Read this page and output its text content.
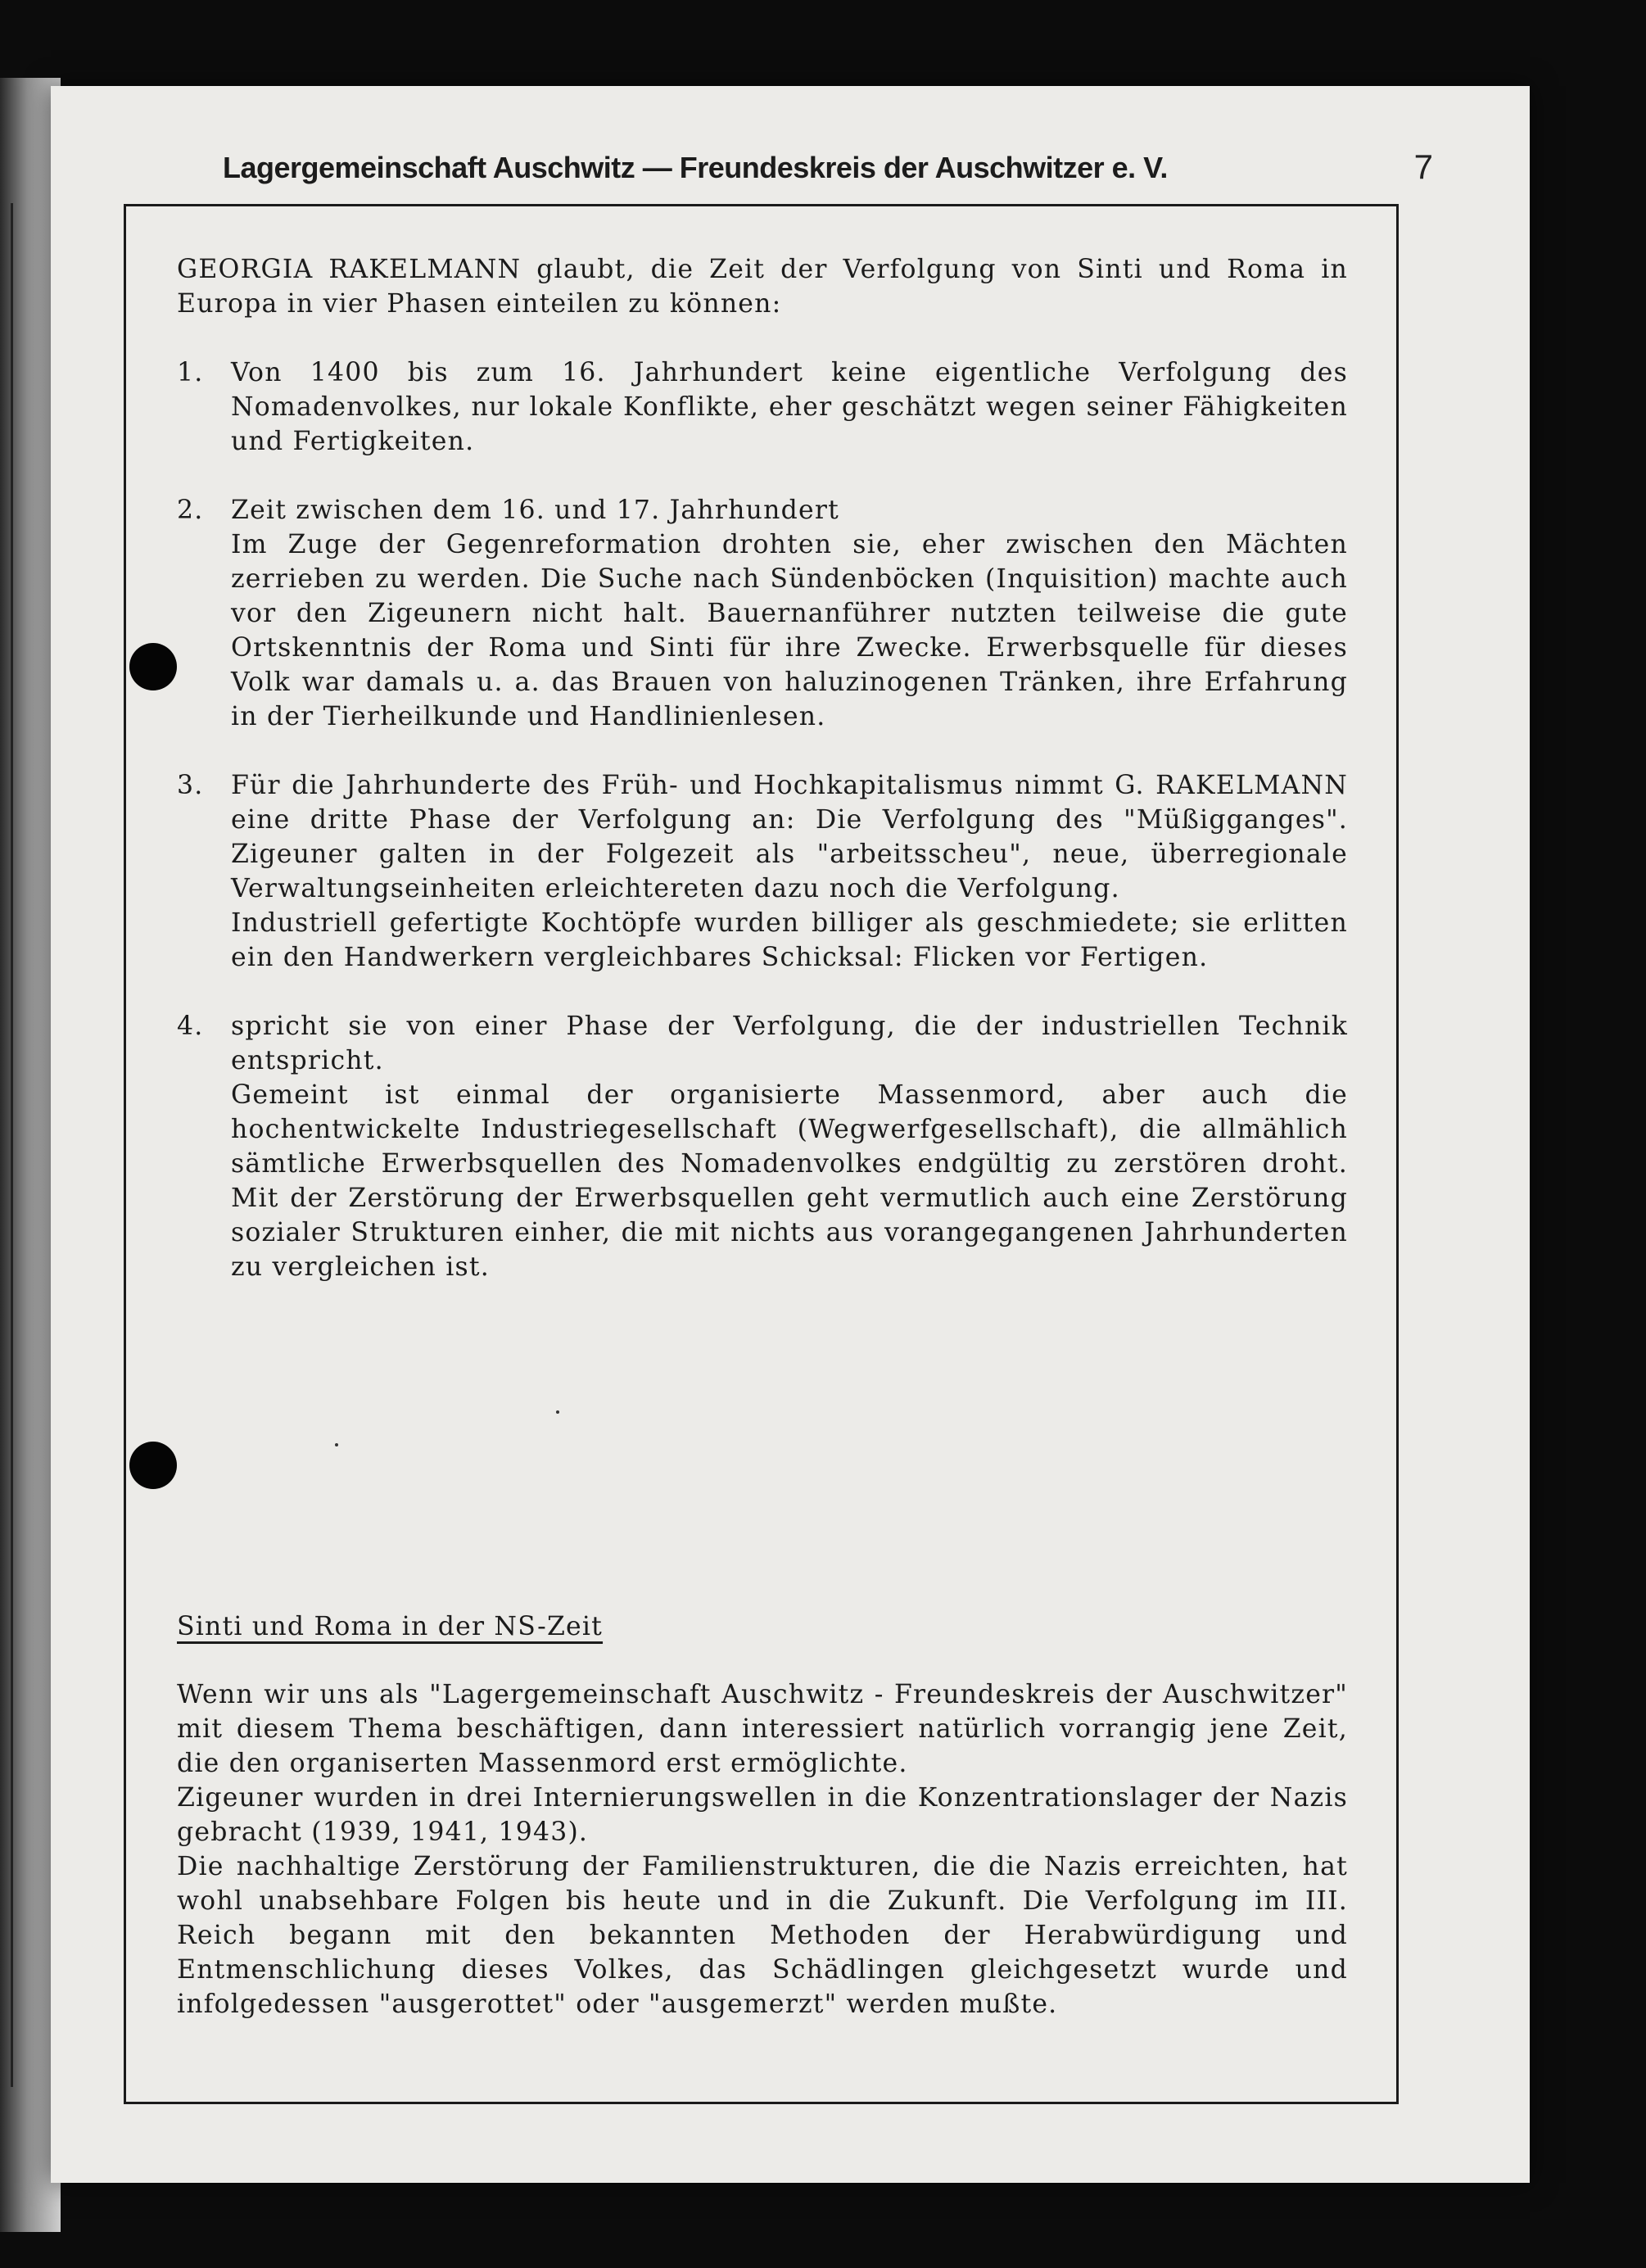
Lagergemeinschaft Auschwitz — Freundeskreis der Auschwitzer e. V.	7

GEORGIA RAKELMANN glaubt, die Zeit der Verfolgung von Sinti und Roma in Europa in vier Phasen einteilen zu können:

1. Von 1400 bis zum 16. Jahrhundert keine eigentliche Verfolgung des Nomadenvolkes, nur lokale Konflikte, eher geschätzt wegen seiner Fähigkeiten und Fertigkeiten.

2. Zeit zwischen dem 16. und 17. Jahrhundert

Im Zuge der Gegenreformation drohten sie, eher zwischen den Mächten zerrieben zu werden. Die Suche nach Sündenböcken (Inquisition) machte auch vor den Zigeunern nicht halt. Bauernanführer nutzten teilweise die gute Ortskenntnis der Roma und Sinti für ihre Zwecke. Erwerbsquelle für dieses Volk war damals u. a. das Brauen von haluzinogenen Tränken, ihre Erfahrung in der Tierheilkunde und Handlinienlesen.

3. Für die Jahrhunderte des Früh- und Hochkapitalismus nimmt G. RAKELMANN eine dritte Phase der Verfolgung an: Die Verfolgung des "Müßigganges". Zigeuner galten in der Folgezeit als "arbeitsscheu", neue, überregionale Verwaltungseinheiten erleichtereten dazu noch die Verfolgung.

Industriell gefertigte Kochtöpfe wurden billiger als geschmiedete; sie erlitten ein den Handwerkern vergleichbares Schicksal: Flicken vor Fertigen.

4. spricht sie von einer Phase der Verfolgung, die der industriellen Technik entspricht.

Gemeint ist einmal der organisierte Massenmord, aber auch die hochentwickelte Industriegesellschaft (Wegwerfgesellschaft), die allmählich sämtliche Erwerbsquellen des Nomadenvolkes endgültig zu zerstören droht. Mit der Zerstörung der Erwerbsquellen geht vermutlich auch eine Zerstörung sozialer Strukturen einher, die mit nichts aus vorangegangenen Jahrhunderten zu vergleichen ist.

Sinti und Roma in der NS-Zeit

Wenn wir uns als "Lagergemeinschaft Auschwitz - Freundeskreis der Auschwitzer" mit diesem Thema beschäftigen, dann interessiert natürlich vorrangig jene Zeit, die den organiserten Massenmord erst ermöglichte.

Zigeuner wurden in drei Internierungswellen in die Konzentrationslager der Nazis gebracht (1939, 1941, 1943).

Die nachhaltige Zerstörung der Familienstrukturen, die die Nazis erreichten, hat wohl unabsehbare Folgen bis heute und in die Zukunft. Die Verfolgung im III. Reich begann mit den bekannten Methoden der Herabwürdigung und Entmenschlichung dieses Volkes, das Schädlingen gleichgesetzt wurde und infolgedessen "ausgerottet" oder "ausgemerzt" werden mußte.
